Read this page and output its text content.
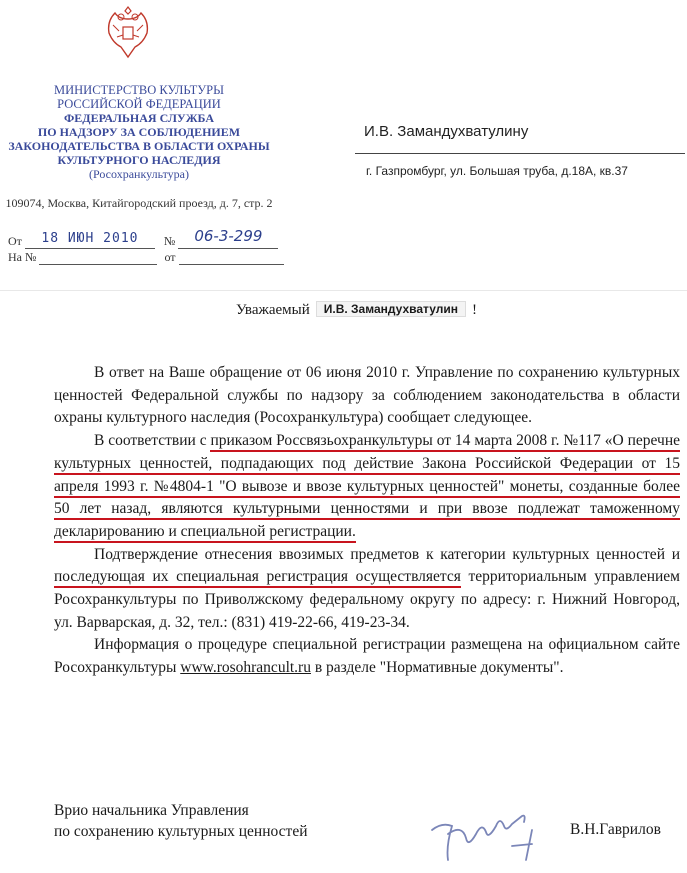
МИНИСТЕРСТВО КУЛЬТУРЫ
РОССИЙСКОЙ ФЕДЕРАЦИИ
ФЕДЕРАЛЬНАЯ СЛУЖБА
ПО НАДЗОРУ ЗА СОБЛЮДЕНИЕМ
ЗАКОНОДАТЕЛЬСТВА В ОБЛАСТИ ОХРАНЫ
КУЛЬТУРНОГО НАСЛЕДИЯ
(Росохранкультура)
109074, Москва, Китайгородский проезд, д. 7, стр. 2
От 18 ИЮН 2010 № 06-3-299
На №	от
И.В. Замандухватулину
г. Газпромбург, ул. Большая труба, д.18А, кв.37
Уважаемый И.В. Замандухватулин !

В ответ на Ваше обращение от 06 июня 2010 г. Управление по сохранению культурных ценностей Федеральной службы по надзору за соблюдением законодательства в области охраны культурного наследия (Росохранкультура) сообщает следующее.

В соответствии с приказом Россвязьохранкультуры от 14 марта 2008 г. №117 «О перечне культурных ценностей, подпадающих под действие Закона Российской Федерации от 15 апреля 1993 г. №4804-1 "О вывозе и ввозе культурных ценностей" монеты, созданные более 50 лет назад, являются культурными ценностями и при ввозе подлежат таможенному декларированию и специальной регистрации.

Подтверждение отнесения ввозимых предметов к категории культурных ценностей и последующая их специальная регистрация осуществляется территориальным управлением Росохранкультуры по Приволжскому федеральному округу по адресу: г. Нижний Новгород, ул. Варварская, д. 32, тел.: (831) 419-22-66, 419-23-34.

Информация о процедуре специальной регистрации размещена на официальном сайте Росохранкультуры www.rosohrancult.ru в разделе "Нормативные документы".

Врио начальника Управления
по сохранению культурных ценностей	В.Н.Гаврилов
